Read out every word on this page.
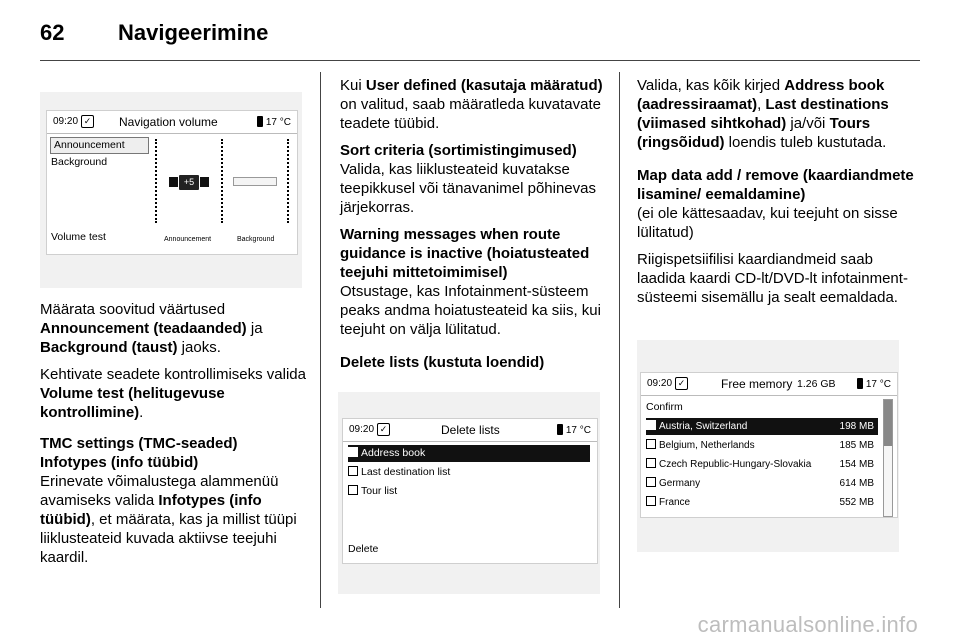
62 Navigeerimine
09:20 ✓ Navigation volume	17 °C
Announcement
Background
Volume test
+5
Announcement	Background

Määrata soovitud väärtused
Announcement (teadaanded) ja
Background (taust) jaoks.

Kehtivate seadete kontrollimiseks valida Volume test (helitugevuse kontrollimine).

TMC settings (TMC-seaded)

Infotypes (info tüübid)

Erinevate võimalustega alammenüü avamiseks valida Infotypes (info tüübid), et määrata, kas ja millist tüüpi liiklusteateid kuvada aktiivse teejuhi kaardil.

Kui User defined (kasutaja määratud) on valitud, saab määratleda kuvatavate teadete tüübid.

Sort criteria (sortimistingimused)

Valida, kas liiklusteateid kuvatakse teepikkusel või tänavanimel põhinevas järjekorras.

Warning messages when route guidance is inactive (hoiatusteated teejuhi mittetoimimisel)

Otsustage, kas Infotainment-süsteem peaks andma hoiatusteateid ka siis, kui teejuht on välja lülitatud.

Delete lists (kustuta loendid)

09:20 ✓	Delete lists	17 °C
Address book
Last destination list
Tour list
Delete

Valida, kas kõik kirjed Address book (aadressiraamat), Last destinations (viimased sihtkohad) ja/või Tours (ringsõidud) loendis tuleb kustutada.

Map data add / remove (kaardiandmete lisamine/ eemaldamine)

(ei ole kättesaadav, kui teejuht on sisse lülitatud)

Riigispetsiifilisi kaardiandmeid saab laadida kaardi CD-lt/DVD-lt infotainment-süsteemi sisemällu ja sealt eemaldada.

09:20 ✓	Free memory 1.26 GB	17 °C
Confirm
Austria, Switzerland	198 MB
Belgium, Netherlands	185 MB
Czech Republic-Hungary-Slovakia	154 MB
Germany	614 MB
France	552 MB
carmanualsonline.info
